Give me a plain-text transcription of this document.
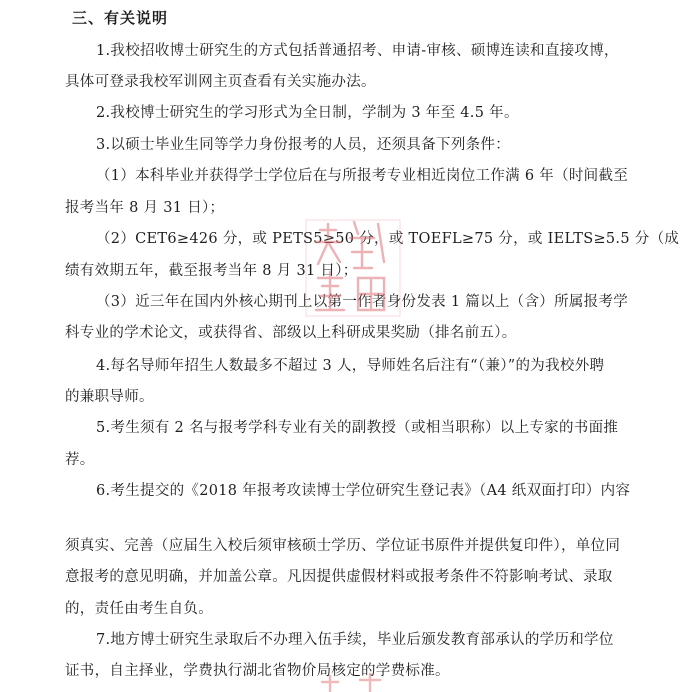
三、有关说明
1.我校招收博士研究生的方式包括普通招考、申请-审核、硕博连读和直接攻博，
具体可登录我校军训网主页查看有关实施办法。
2.我校博士研究生的学习形式为全日制，学制为 3 年至 4.5 年。
3.以硕士毕业生同等学力身份报考的人员，还须具备下列条件：
（1）本科毕业并获得学士学位后在与所报考专业相近岗位工作满 6 年（时间截至
报考当年 8 月 31 日）；
（2）CET6≥426 分，或 PETS5≥50 分，或 TOEFL≥75 分，或 IELTS≥5.5 分（成
绩有效期五年，截至报考当年 8 月 31 日）；
（3）近三年在国内外核心期刊上以第一作者身份发表 1 篇以上（含）所属报考学
科专业的学术论文，或获得省、部级以上科研成果奖励（排名前五）。
4.每名导师年招生人数最多不超过 3 人，导师姓名后注有“（兼）”的为我校外聘
的兼职导师。
5.考生须有 2 名与报考学科专业有关的副教授（或相当职称）以上专家的书面推
荐。
6.考生提交的《2018 年报考攻读博士学位研究生登记表》（A4 纸双面打印）内容
须真实、完善（应届生入校后须审核硕士学历、学位证书原件并提供复印件），单位同
意报考的意见明确，并加盖公章。凡因提供虚假材料或报考条件不符影响考试、录取
的，责任由考生自负。
7.地方博士研究生录取后不办理入伍手续，毕业后颁发教育部承认的学历和学位
证书，自主择业，学费执行湖北省物价局核定的学费标准。
